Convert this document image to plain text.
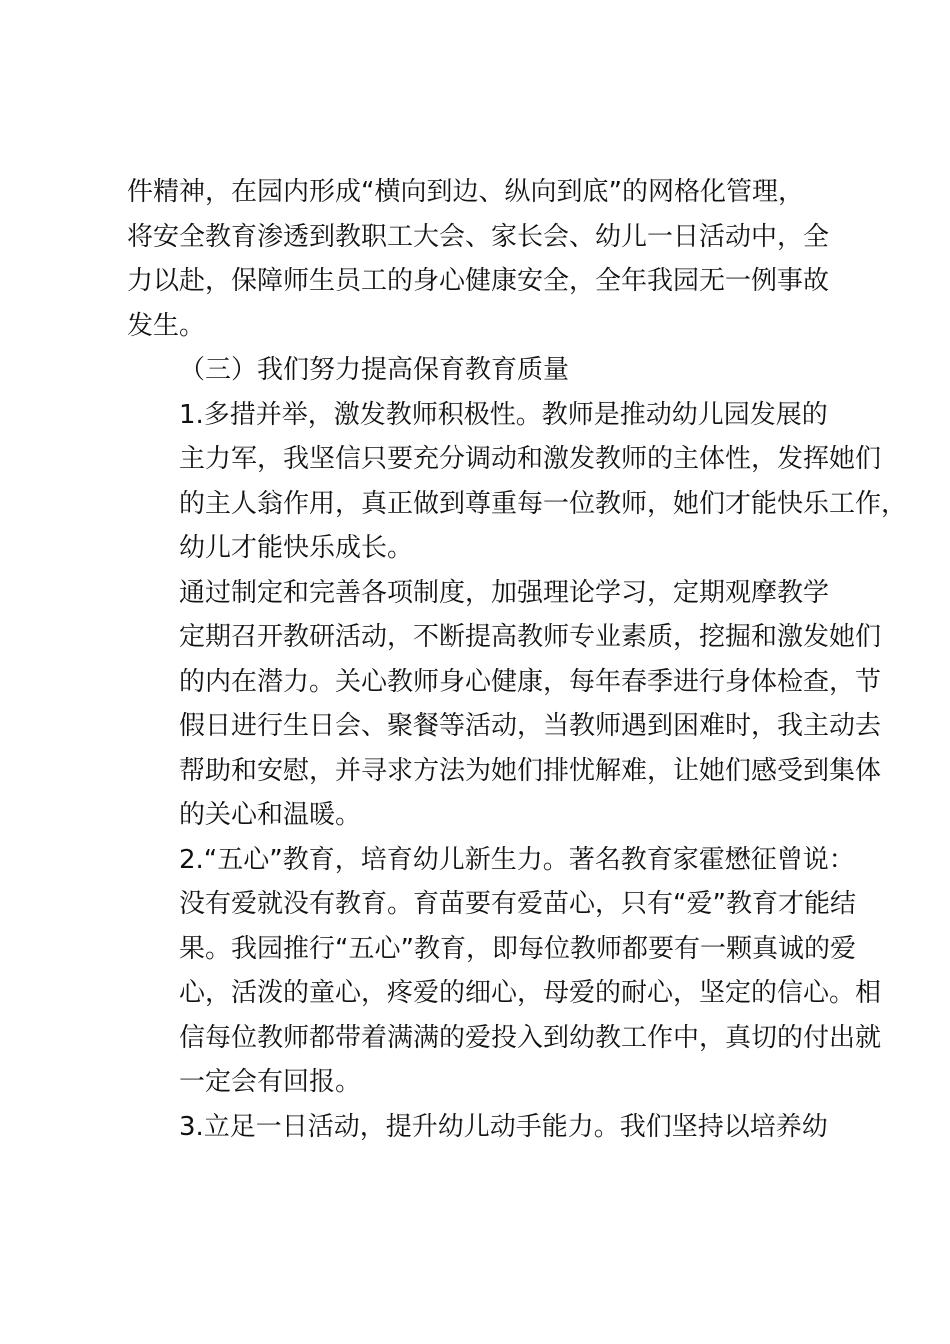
件精神，在园内形成“横向到边、纵向到底”的网格化管理，
将安全教育渗透到教职工大会、家长会、幼儿一日活动中，全
力以赴，保障师生员工的身心健康安全，全年我园无一例事故
发生。
（三）我们努力提高保育教育质量
1.多措并举，激发教师积极性。教师是推动幼儿园发展的
主力军，我坚信只要充分调动和激发教师的主体性，发挥她们
的主人翁作用，真正做到尊重每一位教师，她们才能快乐工作，
幼儿才能快乐成长。
通过制定和完善各项制度，加强理论学习，定期观摩教学
定期召开教研活动，不断提高教师专业素质，挖掘和激发她们
的内在潜力。关心教师身心健康，每年春季进行身体检查，节
假日进行生日会、聚餐等活动，当教师遇到困难时，我主动去
帮助和安慰，并寻求方法为她们排忧解难，让她们感受到集体
的关心和温暖。
2.“五心”教育，培育幼儿新生力。著名教育家霍懋征曾说：
没有爱就没有教育。育苗要有爱苗心，只有“爱”教育才能结
果。我园推行“五心”教育，即每位教师都要有一颗真诚的爱
心，活泼的童心，疼爱的细心，母爱的耐心，坚定的信心。相
信每位教师都带着满满的爱投入到幼教工作中，真切的付出就
一定会有回报。
3.立足一日活动，提升幼儿动手能力。我们坚持以培养幼
